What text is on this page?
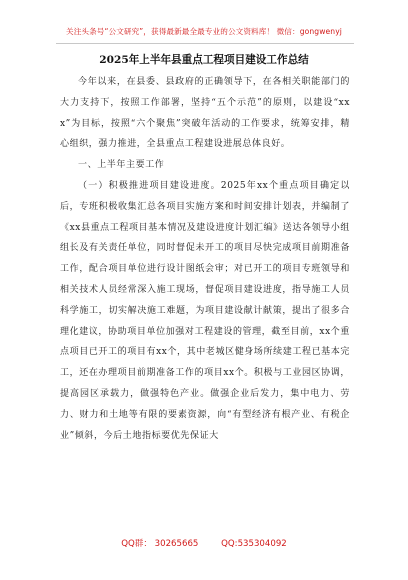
关注头条号“公文研究”，获得最新最全最专业的公文资料库！ 微信：gongwenyj
2025年上半年县重点工程项目建设工作总结

今年以来，在县委、县政府的正确领导下，在各相关职能部门的大力支持下，按照工作部署，坚持“五个示范”的原则，以建设“xxx”为目标，按照“六个聚焦”突破年活动的工作要求，统筹安排，精心组织，强力推进，全县重点工程建设进展总体良好。

一、上半年主要工作

（一）积极推进项目建设进度。2025年xx个重点项目确定以后，专班积极收集汇总各项目实施方案和时间安排计划表，并编制了《xx县重点工程项目基本情况及建设进度计划汇编》送达各领导小组组长及有关责任单位，同时督促未开工的项目尽快完成项目前期准备工作，配合项目单位进行设计图纸会审；对已开工的项目专班领导和相关技术人员经常深入施工现场，督促项目建设进度，指导施工人员科学施工，切实解决施工难题，为项目建设献计献策，提出了很多合理化建议，协助项目单位加强对工程建设的管理，截至目前，xx个重点项目已开工的项目有xx个，其中老城区健身场所续建工程已基本完工，还在办理项目前期准备工作的项目xx个。积极与工业园区协调，提高园区承载力，做强特色产业。做强企业后发力，集中电力、劳力、财力和土地等有限的要素资源，向“有型经济有根产业、有税企业”倾斜，今后土地指标要优先保证大

QQ群： 30265665	QQ:535304092
